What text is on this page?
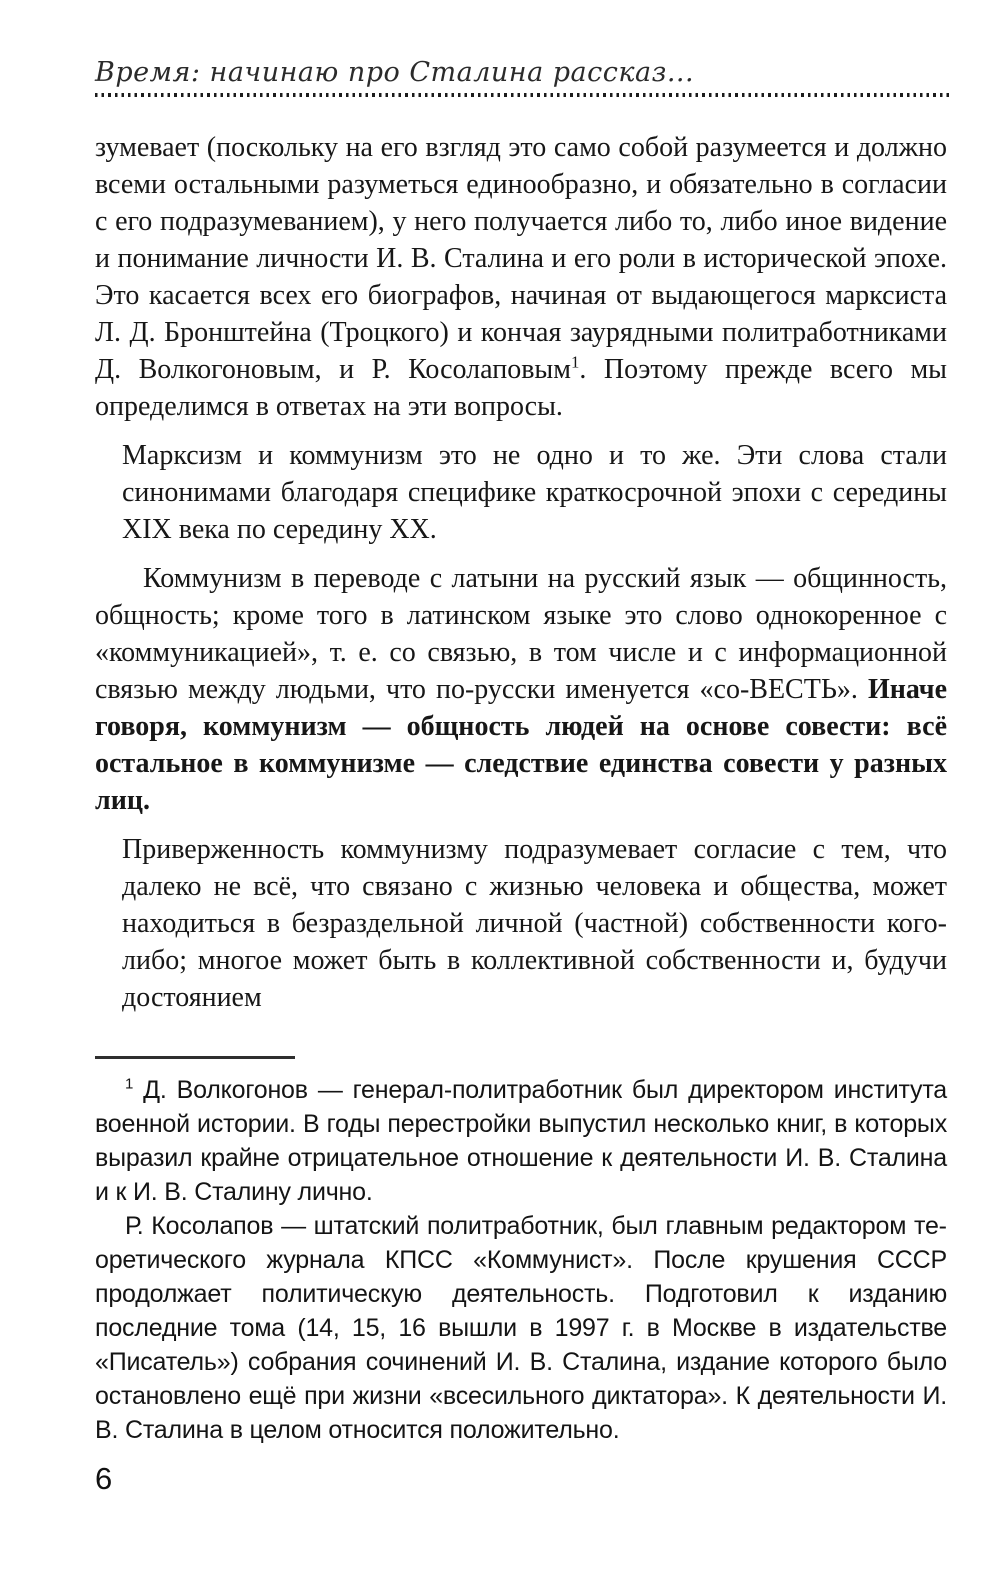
Время: начинаю про Сталина рассказ...

зумевает (поскольку на его взгляд это само собой разумеется и должно всеми остальными разуметься единообразно, и обязательно в согласии с его подразумеванием), у него получается либо то, либо иное видение и понимание личности И. В. Сталина и его роли в исторической эпохе. Это касается всех его биографов, начиная от выдающегося марксиста Л. Д. Бронштейна (Троцкого) и кончая заурядными политработниками Д. Волкогоновым, и Р. Косолаповым$^1$. Поэтому прежде всего мы определимся в ответах на эти вопросы.

Марксизм и коммунизм это не одно и то же. Эти слова стали синонимами благодаря специфике краткосрочной эпохи с середины XIX века по середину XX.

Коммунизм в переводе с латыни на русский язык — общинность, общность; кроме того в латинском языке это слово однокоренное с «коммуникацией», т. е. со связью, в том числе и с информационной связью между людьми, что по-русски именуется «со-ВЕСТЬ». Иначе говоря, коммунизм — общность людей на основе совести: всё остальное в коммунизме — следствие единства совести у разных лиц.

Приверженность коммунизму подразумевает согласие с тем, что далеко не всё, что связано с жизнью человека и общества, может находиться в безраздельной личной (частной) собственности кого-либо; многое может быть в коллективной собственности и, будучи достоянием

$^1$ Д. Волкогонов — генерал-политработник был директором института военной истории. В годы перестройки выпустил несколько книг, в которых выразил крайне отрицательное отношение к деятельности И. В. Сталина и к И. В. Сталину лично.

Р. Косолапов — штатский политработник, был главным редактором теоретического журнала КПСС «Коммунист». После крушения СССР продолжает политическую деятельность. Подготовил к изданию последние тома (14, 15, 16 вышли в 1997 г. в Москве в издательстве «Писатель») собрания сочинений И. В. Сталина, издание которого было остановлено ещё при жизни «всесильного диктатора». К деятельности И. В. Сталина в целом относится положительно.

6
